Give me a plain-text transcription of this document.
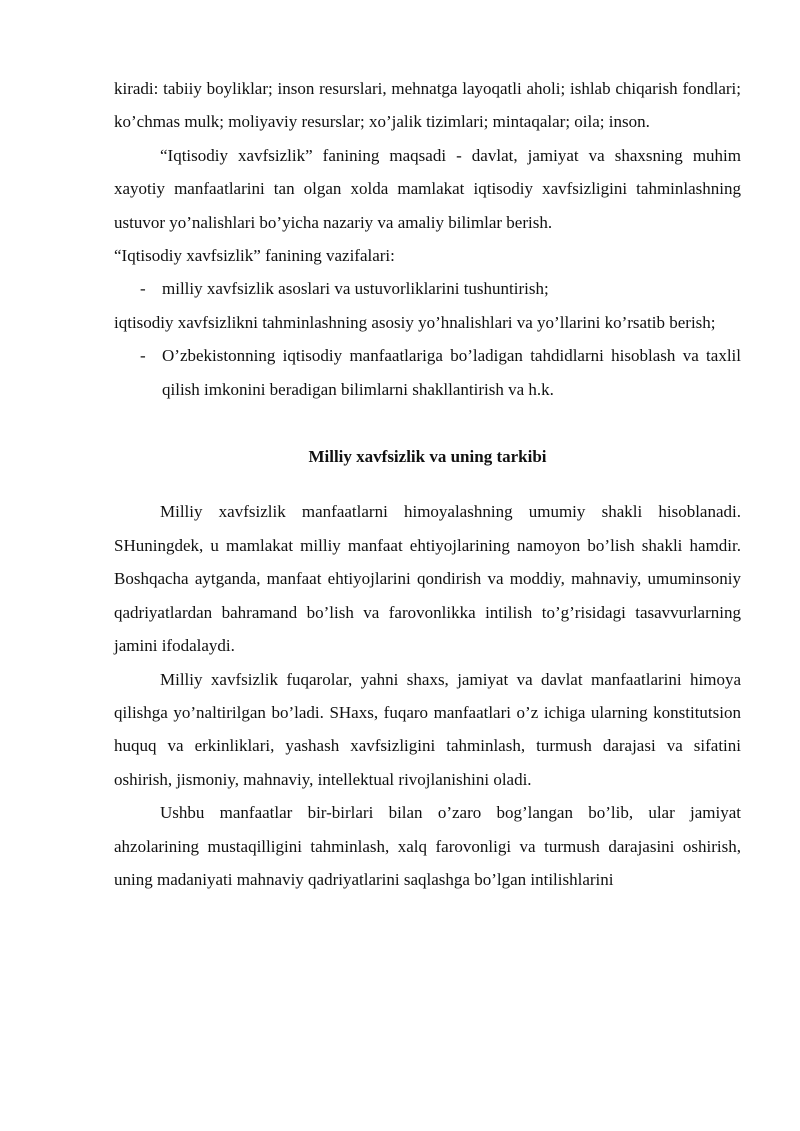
kiradi: tabiiy boyliklar; inson resurslari, mehnatga layoqatli aholi; ishlab chiqarish fondlari; ko’chmas mulk; moliyaviy resurslar; xo’jalik tizimlari; mintaqalar; oila; inson.

“Iqtisodiy xavfsizlik” fanining maqsadi - davlat, jamiyat va shaxsning muhim xayotiy manfaatlarini tan olgan xolda mamlakat iqtisodiy xavfsizligini tahminlashning ustuvor yo’nalishlari bo’yicha nazariy va amaliy bilimlar berish.

“Iqtisodiy xavfsizlik” fanining vazifalari:

- milliy xavfsizlik asoslari va ustuvorliklarini tushuntirish;

iqtisodiy xavfsizlikni tahminlashning asosiy yo’hnalishlari va yo’llarini ko’rsatib berish;

- O’zbekistonning iqtisodiy manfaatlariga bo’ladigan tahdidlarni hisoblash va taxlil qilish imkonini beradigan bilimlarni shakllantirish va h.k.

Milliy xavfsizlik va uning tarkibi

Milliy xavfsizlik manfaatlarni himoyalashning umumiy shakli hisoblanadi. SHuningdek, u mamlakat milliy manfaat ehtiyojlarining namoyon bo’lish shakli hamdir. Boshqacha aytganda, manfaat ehtiyojlarini qondirish va moddiy, mahnaviy, umuminsoniy qadriyatlardan bahramand bo’lish va farovonlikka intilish to’g’risidagi tasavvurlarning jamini ifodalaydi.

Milliy xavfsizlik fuqarolar, yahni shaxs, jamiyat va davlat manfaatlarini himoya qilishga yo’naltirilgan bo’ladi. SHaxs, fuqaro manfaatlari o’z ichiga ularning konstitutsion huquq va erkinliklari, yashash xavfsizligini tahminlash, turmush darajasi va sifatini oshirish, jismoniy, mahnaviy, intellektual rivojlanishini oladi.

Ushbu manfaatlar bir-birlari bilan o’zaro bog’langan bo’lib, ular jamiyat ahzolarining mustaqilligini tahminlash, xalq farovonligi va turmush darajasini oshirish, uning madaniyati mahnaviy qadriyatlarini saqlashga bo’lgan intilishlarini
